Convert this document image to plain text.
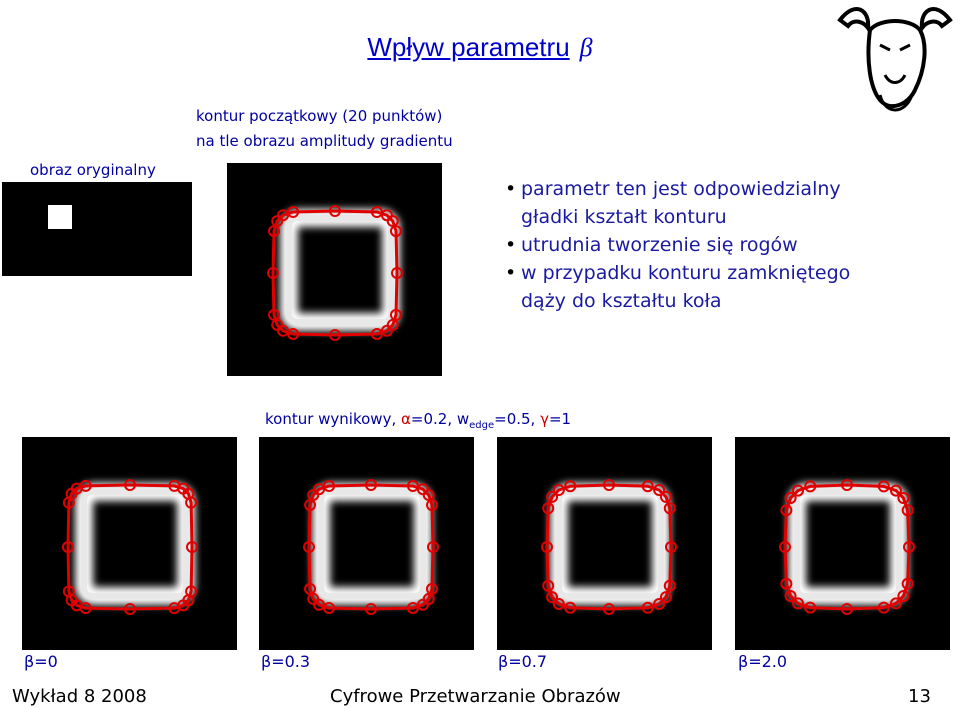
Wpływ parametru β
obraz oryginalny
kontur początkowy (20 punktów)
na tle obrazu amplitudy gradientu
• parametr ten jest odpowiedzialny
gładki kształt konturu
• utrudnia tworzenie się rogów
• w przypadku konturu zamkniętego
dąży do kształtu koła
kontur wynikowy, α=0.2, $w_{edge}=0.5$, γ=1
β=0	β=0.3	β=0.7	β=2.0
Wykład 8 2008	Cyfrowe Przetwarzanie Obrazów	13
